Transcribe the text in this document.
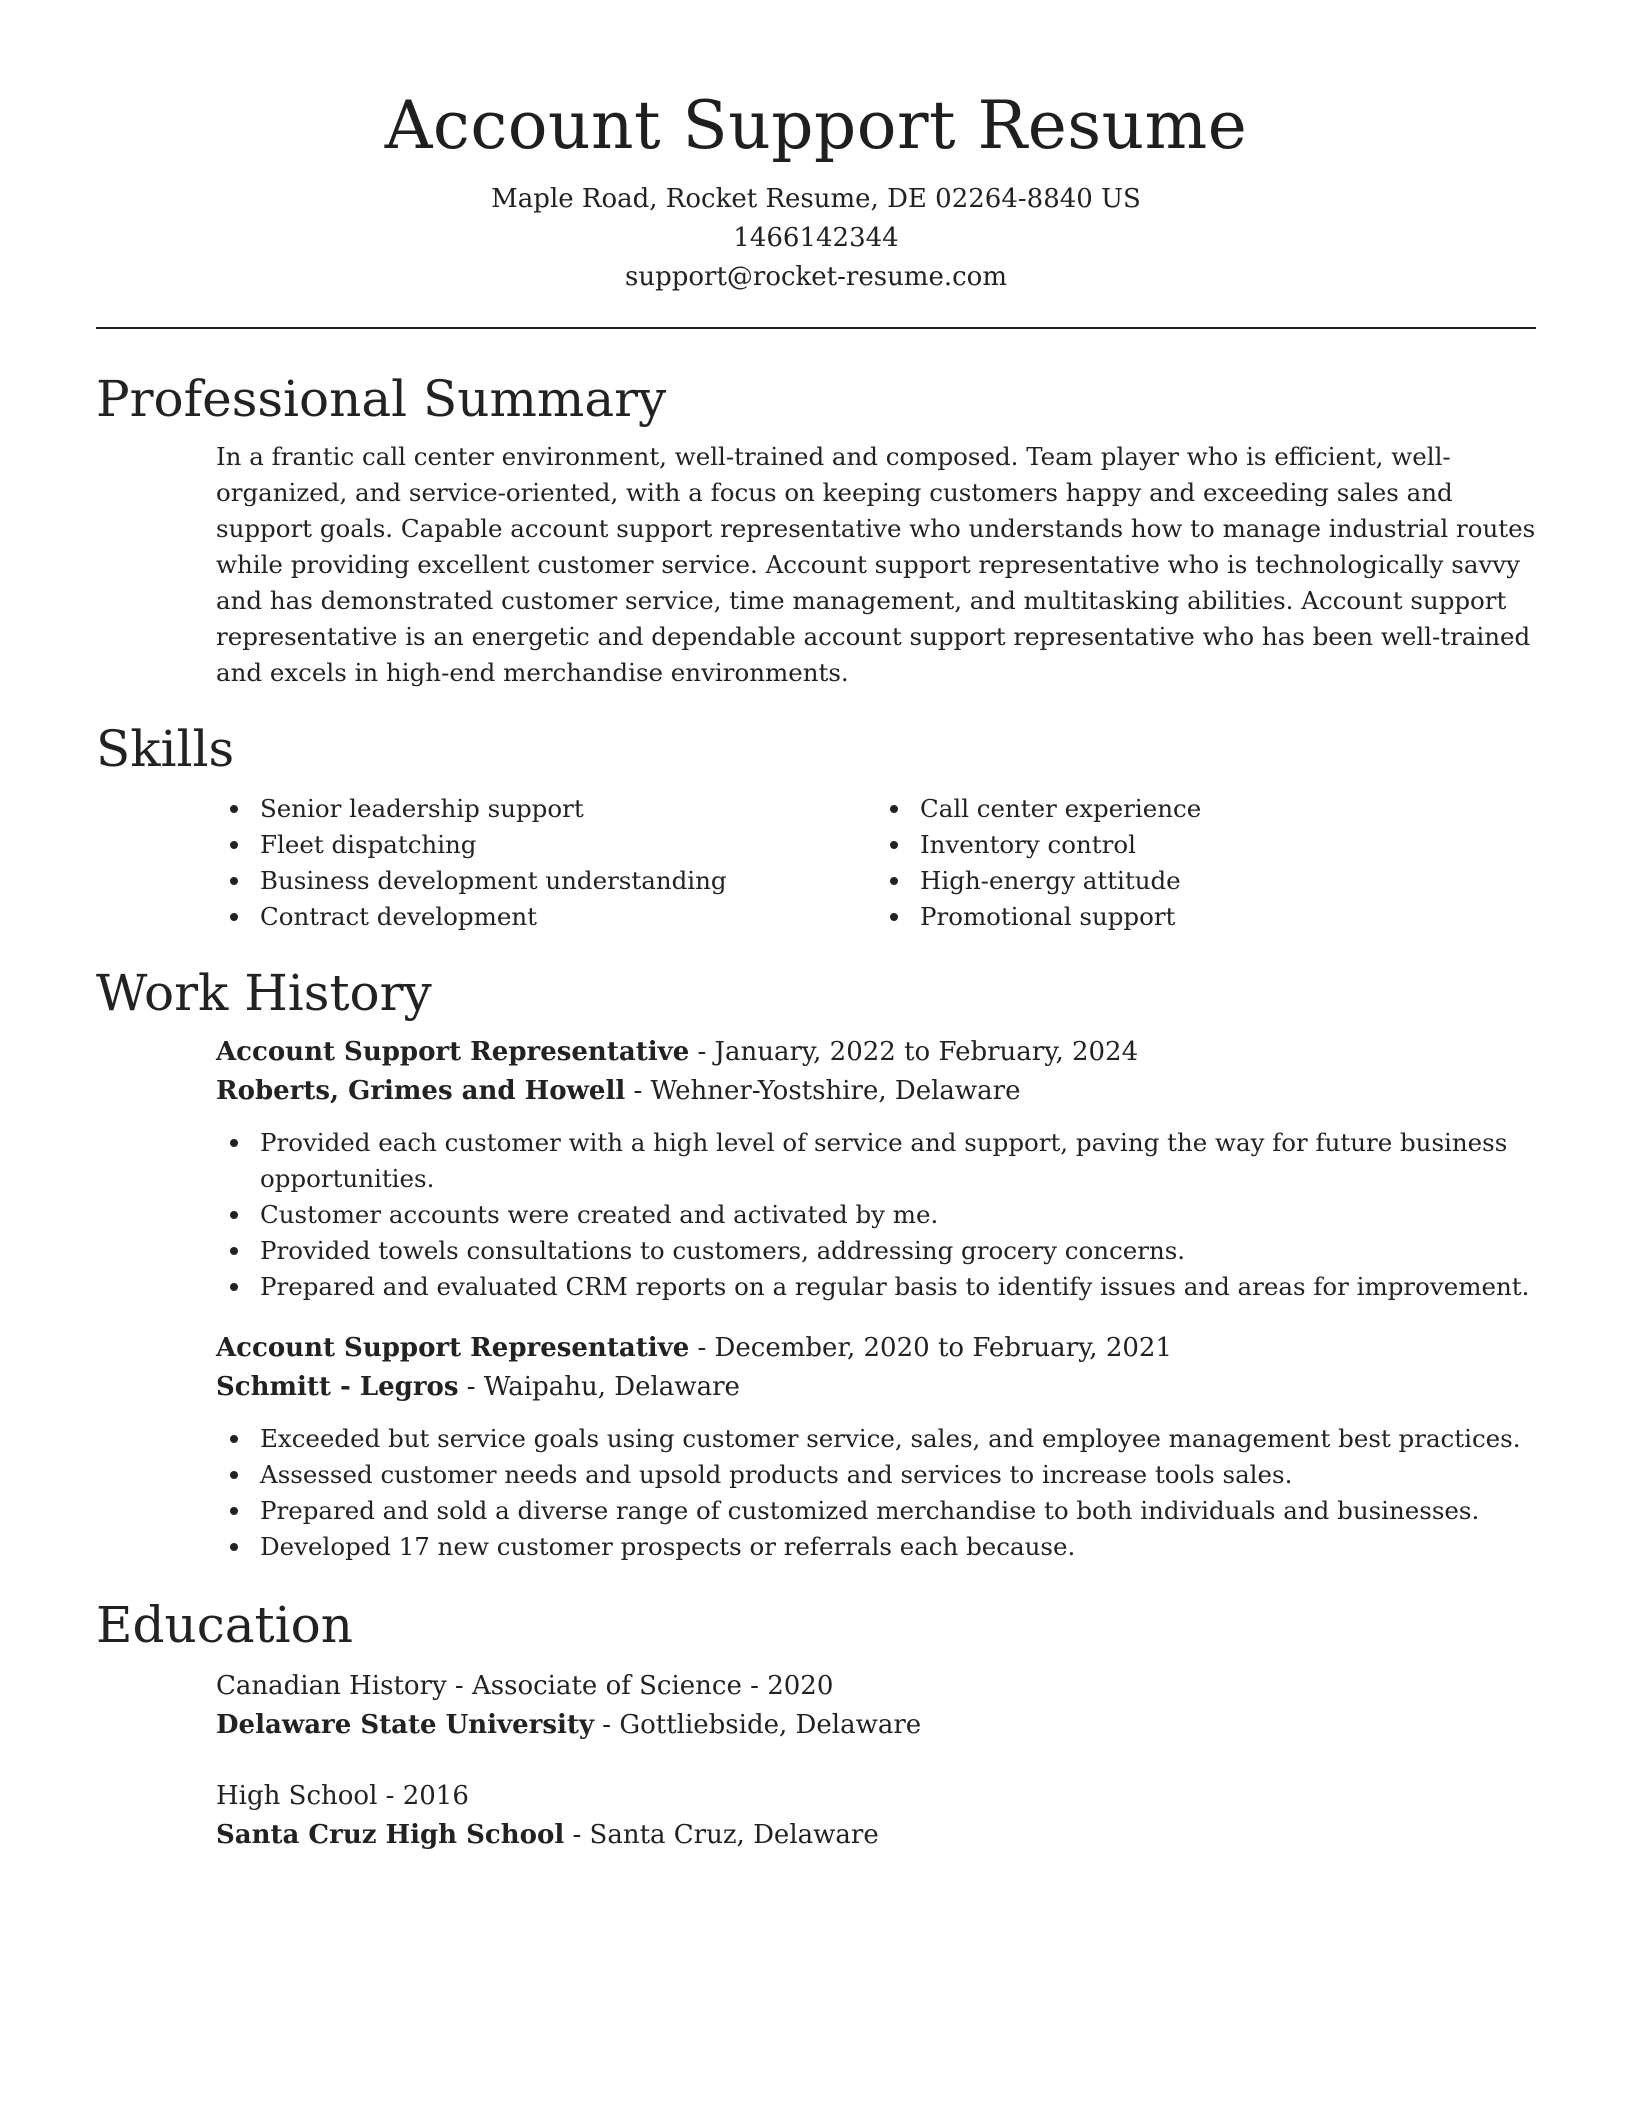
Account Support Resume
Maple Road, Rocket Resume, DE 02264-8840 US
1466142344
support@rocket-resume.com
Professional Summary

In a frantic call center environment, well-trained and composed. Team player who is efficient, well-organized, and service-oriented, with a focus on keeping customers happy and exceeding sales and support goals. Capable account support representative who understands how to manage industrial routes while providing excellent customer service. Account support representative who is technologically savvy and has demonstrated customer service, time management, and multitasking abilities. Account support representative is an energetic and dependable account support representative who has been well-trained and excels in high-end merchandise environments.

Skills
Senior leadership support
Fleet dispatching
Business development understanding
Contract development
Call center experience
Inventory control
High-energy attitude
Promotional support
Work History
Account Support Representative - January, 2022 to February, 2024
Roberts, Grimes and Howell - Wehner-Yostshire, Delaware
Provided each customer with a high level of service and support, paving the way for future business opportunities.
Customer accounts were created and activated by me.
Provided towels consultations to customers, addressing grocery concerns.
Prepared and evaluated CRM reports on a regular basis to identify issues and areas for improvement.
Account Support Representative - December, 2020 to February, 2021
Schmitt - Legros - Waipahu, Delaware
Exceeded but service goals using customer service, sales, and employee management best practices.
Assessed customer needs and upsold products and services to increase tools sales.
Prepared and sold a diverse range of customized merchandise to both individuals and businesses.
Developed 17 new customer prospects or referrals each because.
Education
Canadian History - Associate of Science - 2020
Delaware State University - Gottliebside, Delaware
High School - 2016
Santa Cruz High School - Santa Cruz, Delaware
